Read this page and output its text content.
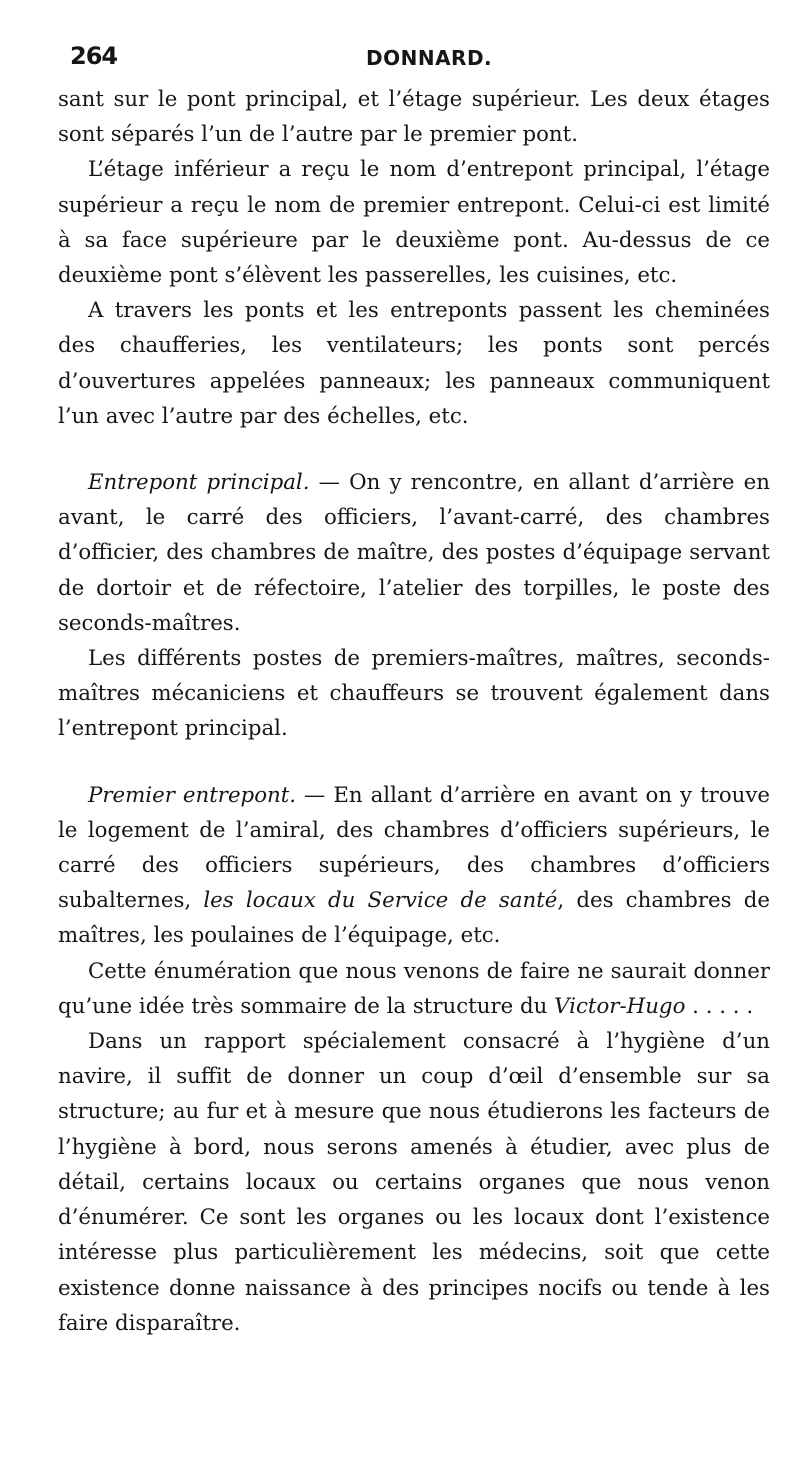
264	DONNARD.

sant sur le pont principal, et l’étage supérieur. Les deux étages sont séparés l’un de l’autre par le premier pont.

L’étage inférieur a reçu le nom d’entrepont principal, l’étage supérieur a reçu le nom de premier entrepont. Celui-ci est limité à sa face supérieure par le deuxième pont. Au-dessus de ce deuxième pont s’élèvent les passerelles, les cuisines, etc.

A travers les ponts et les entreponts passent les cheminées des chaufferies, les ventilateurs; les ponts sont percés d’ouvertures appelées panneaux; les panneaux communiquent l’un avec l’autre par des échelles, etc.

Entrepont principal. — On y rencontre, en allant d’arrière en avant, le carré des officiers, l’avant-carré, des chambres d’officier, des chambres de maître, des postes d’équipage servant de dortoir et de réfectoire, l’atelier des torpilles, le poste des seconds-maîtres.

Les différents postes de premiers-maîtres, maîtres, seconds-maîtres mécaniciens et chauffeurs se trouvent également dans l’entrepont principal.

Premier entrepont. — En allant d’arrière en avant on y trouve le logement de l’amiral, des chambres d’officiers supérieurs, le carré des officiers supérieurs, des chambres d’officiers subalternes, les locaux du Service de santé, des chambres de maîtres, les poulaines de l’équipage, etc.

Cette énumération que nous venons de faire ne saurait donner qu’une idée très sommaire de la structure du Victor-Hugo . . . . .

Dans un rapport spécialement consacré à l’hygiène d’un navire, il suffit de donner un coup d’œil d’ensemble sur sa structure; au fur et à mesure que nous étudierons les facteurs de l’hygiène à bord, nous serons amenés à étudier, avec plus de détail, certains locaux ou certains organes que nous venon d’énumérer. Ce sont les organes ou les locaux dont l’existence intéresse plus particulièrement les médecins, soit que cette existence donne naissance à des principes nocifs ou tende à les faire disparaître.
